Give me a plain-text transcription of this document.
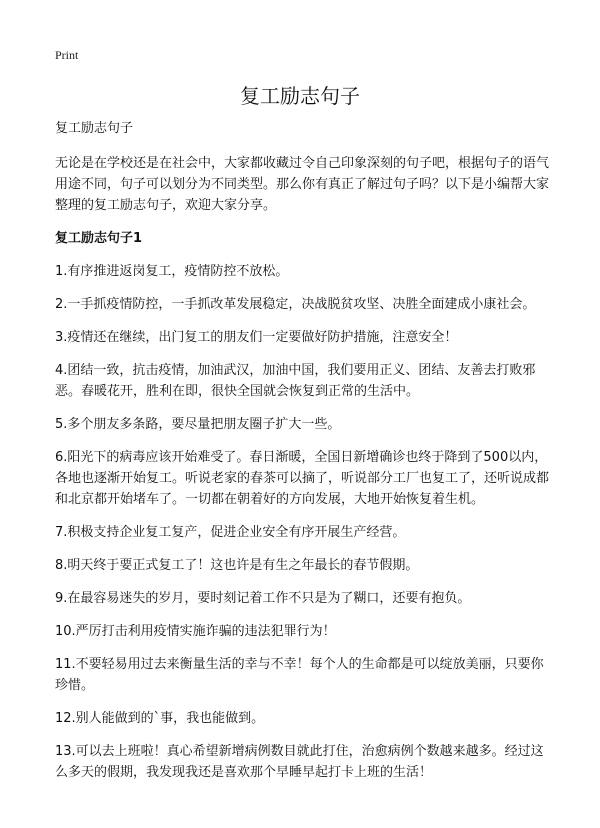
Print
复工励志句子

复工励志句子

无论是在学校还是在社会中，大家都收藏过令自己印象深刻的句子吧，根据句子的语气用途不同，句子可以划分为不同类型。那么你有真正了解过句子吗？以下是小编帮大家整理的复工励志句子，欢迎大家分享。

复工励志句子1

1.有序推进返岗复工，疫情防控不放松。

2.一手抓疫情防控，一手抓改革发展稳定，决战脱贫攻坚、决胜全面建成小康社会。

3.疫情还在继续，出门复工的朋友们一定要做好防护措施，注意安全！

4.团结一致，抗击疫情，加油武汉，加油中国，我们要用正义、团结、友善去打败邪恶。春暖花开，胜利在即，很快全国就会恢复到正常的生活中。

5.多个朋友多条路，要尽量把朋友圈子扩大一些。

6.阳光下的病毒应该开始难受了。春日渐暖，全国日新增确诊也终于降到了500以内，各地也逐渐开始复工。听说老家的春茶可以摘了，听说部分工厂也复工了，还听说成都和北京都开始堵车了。一切都在朝着好的方向发展，大地开始恢复着生机。

7.积极支持企业复工复产，促进企业安全有序开展生产经营。

8.明天终于要正式复工了！这也许是有生之年最长的春节假期。

9.在最容易迷失的岁月，要时刻记着工作不只是为了糊口，还要有抱负。

10.严厉打击利用疫情实施诈骗的违法犯罪行为！

11.不要轻易用过去来衡量生活的幸与不幸！每个人的生命都是可以绽放美丽，只要你珍惜。

12.别人能做到的`事，我也能做到。

13.可以去上班啦！真心希望新增病例数目就此打住，治愈病例个数越来越多。经过这么多天的假期，我发现我还是喜欢那个早睡早起打卡上班的生活！
